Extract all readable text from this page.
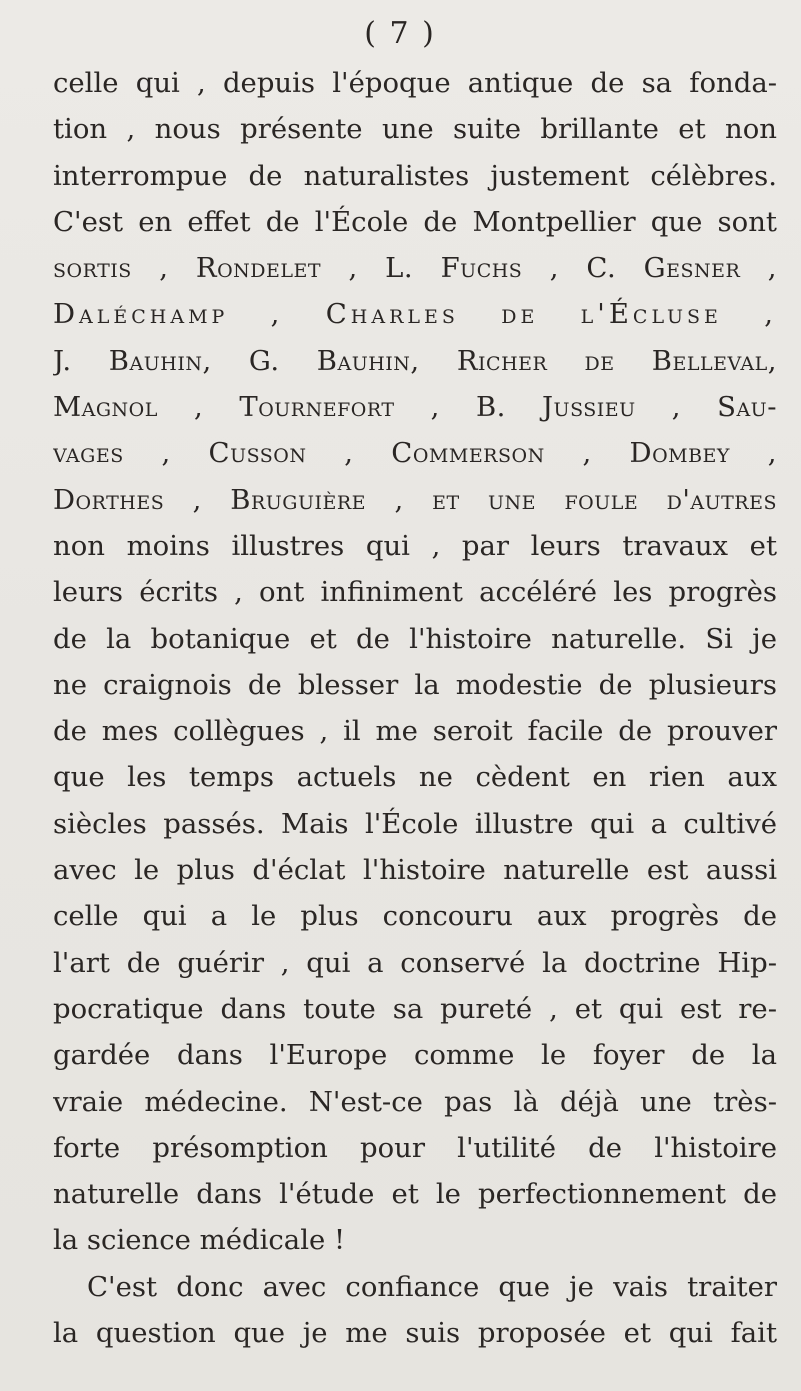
( 7 )
celle qui , depuis l'époque antique de sa fonda-
tion , nous présente une suite brillante et non
interrompue de naturalistes justement célèbres.
C'est en effet de l'École de Montpellier que sont
sortis , Rondelet , L. Fuchs , C. Gesner ,
Daléchamp , Charles de l'Écluse ,
J. Bauhin, G. Bauhin, Richer de Belleval,
Magnol , Tournefort , B. Jussieu , Sau-
vages , Cusson , Commerson , Dombey ,
Dorthes , Bruguière , et une foule d'autres
non moins illustres qui , par leurs travaux et
leurs écrits , ont infiniment accéléré les progrès
de la botanique et de l'histoire naturelle. Si je
ne craignois de blesser la modestie de plusieurs
de mes collègues , il me seroit facile de prouver
que les temps actuels ne cèdent en rien aux
siècles passés. Mais l'École illustre qui a cultivé
avec le plus d'éclat l'histoire naturelle est aussi
celle qui a le plus concouru aux progrès de
l'art de guérir , qui a conservé la doctrine Hip-
pocratique dans toute sa pureté , et qui est re-
gardée dans l'Europe comme le foyer de la
vraie médecine. N'est-ce pas là déjà une très-
forte présomption pour l'utilité de l'histoire
naturelle dans l'étude et le perfectionnement de
la science médicale !
C'est donc avec confiance que je vais traiter
la question que je me suis proposée et qui fait
